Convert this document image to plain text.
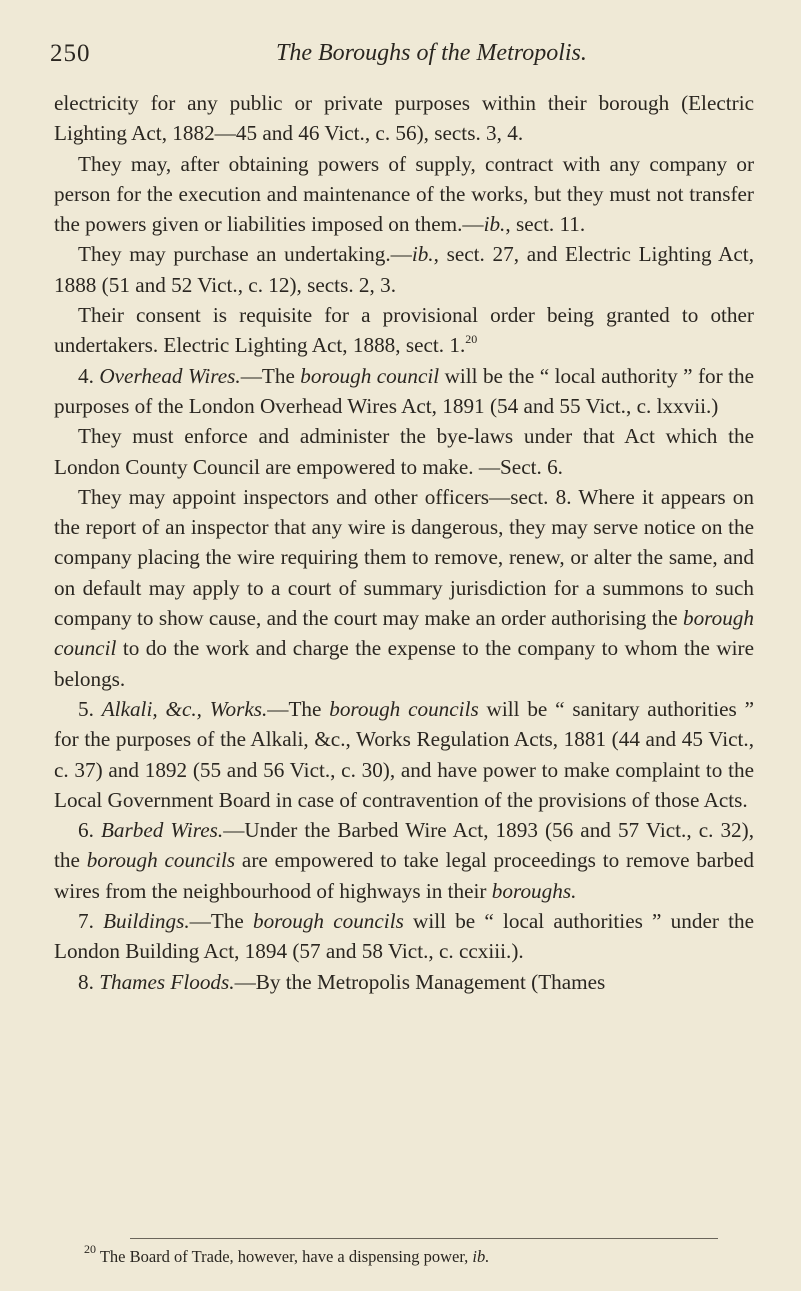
250	The Boroughs of the Metropolis.

electricity for any public or private purposes within their borough (Electric Lighting Act, 1882—45 and 46 Vict., c. 56), sects. 3, 4.

They may, after obtaining powers of supply, contract with any company or person for the execution and maintenance of the works, but they must not transfer the powers given or liabilities imposed on them.—ib., sect. 11.

They may purchase an undertaking.—ib., sect. 27, and Electric Lighting Act, 1888 (51 and 52 Vict., c. 12), sects. 2, 3.

Their consent is requisite for a provisional order being granted to other undertakers. Electric Lighting Act, 1888, sect. 1.20

4. Overhead Wires.—The borough council will be the “ local authority ” for the purposes of the London Overhead Wires Act, 1891 (54 and 55 Vict., c. lxxvii.)

They must enforce and administer the bye-laws under that Act which the London County Council are empowered to make. —Sect. 6.

They may appoint inspectors and other officers—sect. 8. Where it appears on the report of an inspector that any wire is dangerous, they may serve notice on the company placing the wire requiring them to remove, renew, or alter the same, and on default may apply to a court of summary jurisdiction for a summons to such company to show cause, and the court may make an order authorising the borough council to do the work and charge the expense to the company to whom the wire belongs.

5. Alkali, &c., Works.—The borough councils will be “ sanitary authorities ” for the purposes of the Alkali, &c., Works Regulation Acts, 1881 (44 and 45 Vict., c. 37) and 1892 (55 and 56 Vict., c. 30), and have power to make complaint to the Local Government Board in case of contravention of the provisions of those Acts.

6. Barbed Wires.—Under the Barbed Wire Act, 1893 (56 and 57 Vict., c. 32), the borough councils are empowered to take legal proceedings to remove barbed wires from the neighbourhood of highways in their boroughs.

7. Buildings.—The borough councils will be “ local authorities ” under the London Building Act, 1894 (57 and 58 Vict., c. ccxiii.).

8. Thames Floods.—By the Metropolis Management (Thames

$^{20}$ The Board of Trade, however, have a dispensing power, ib.
